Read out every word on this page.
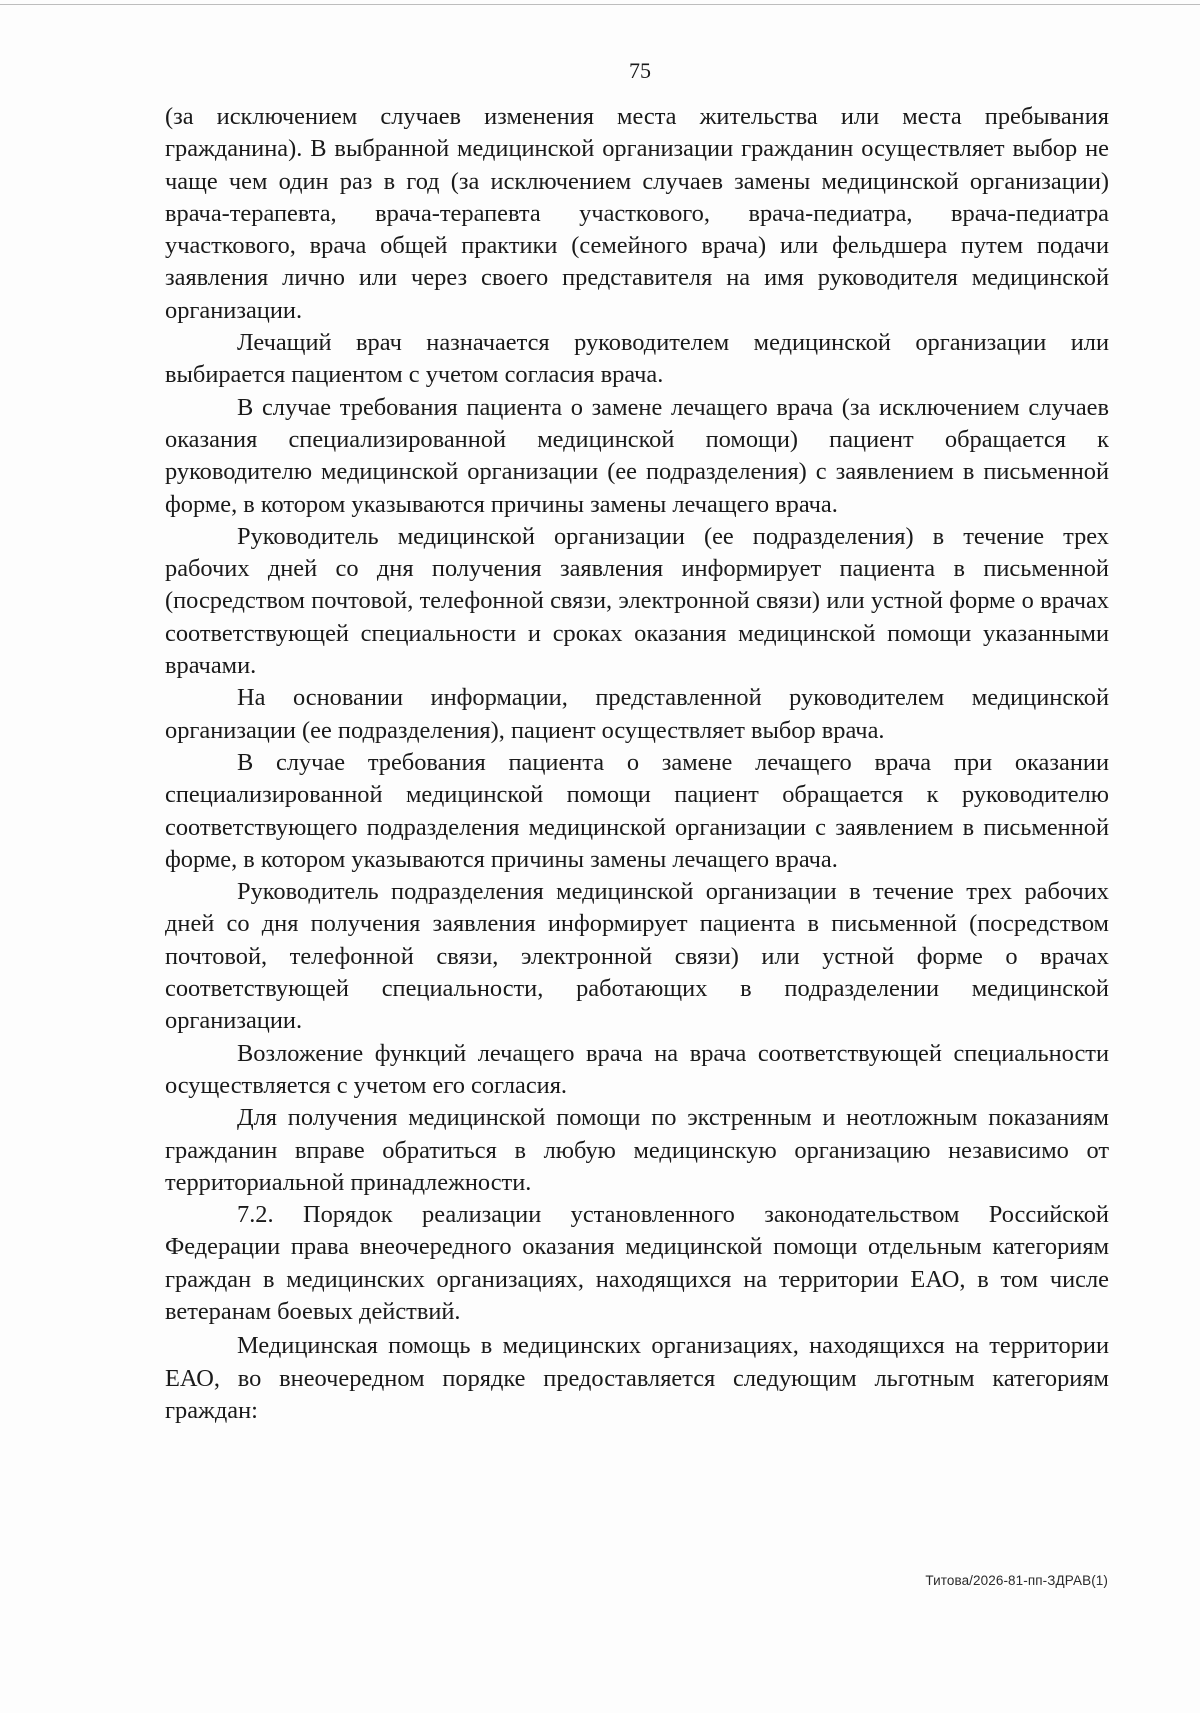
75

(за исключением случаев изменения места жительства или места пребывания гражданина). В выбранной медицинской организации гражданин осуществляет выбор не чаще чем один раз в год (за исключением случаев замены медицинской организации) врача-терапевта, врача-терапевта участкового, врача-педиатра, врача-педиатра участкового, врача общей практики (семейного врача) или фельдшера путем подачи заявления лично или через своего представителя на имя руководителя медицинской организации.

Лечащий врач назначается руководителем медицинской организации или выбирается пациентом с учетом согласия врача.

В случае требования пациента о замене лечащего врача (за исключением случаев оказания специализированной медицинской помощи) пациент обращается к руководителю медицинской организации (ее подразделения) с заявлением в письменной форме, в котором указываются причины замены лечащего врача.

Руководитель медицинской организации (ее подразделения) в течение трех рабочих дней со дня получения заявления информирует пациента в письменной (посредством почтовой, телефонной связи, электронной связи) или устной форме о врачах соответствующей специальности и сроках оказания медицинской помощи указанными врачами.

На основании информации, представленной руководителем медицинской организации (ее подразделения), пациент осуществляет выбор врача.

В случае требования пациента о замене лечащего врача при оказании специализированной медицинской помощи пациент обращается к руководителю соответствующего подразделения медицинской организации с заявлением в письменной форме, в котором указываются причины замены лечащего врача.

Руководитель подразделения медицинской организации в течение трех рабочих дней со дня получения заявления информирует пациента в письменной (посредством почтовой, телефонной связи, электронной связи) или устной форме о врачах соответствующей специальности, работающих в подразделении медицинской организации.

Возложение функций лечащего врача на врача соответствующей специальности осуществляется с учетом его согласия.

Для получения медицинской помощи по экстренным и неотложным показаниям гражданин вправе обратиться в любую медицинскую организацию независимо от территориальной принадлежности.

7.2. Порядок реализации установленного законодательством Российской Федерации права внеочередного оказания медицинской помощи отдельным категориям граждан в медицинских организациях, находящихся на территории ЕАО, в том числе ветеранам боевых действий.

Медицинская помощь в медицинских организациях, находящихся на территории ЕАО, во внеочередном порядке предоставляется следующим льготным категориям граждан:

Титова/2026-81-пп-ЗДРАВ(1)
